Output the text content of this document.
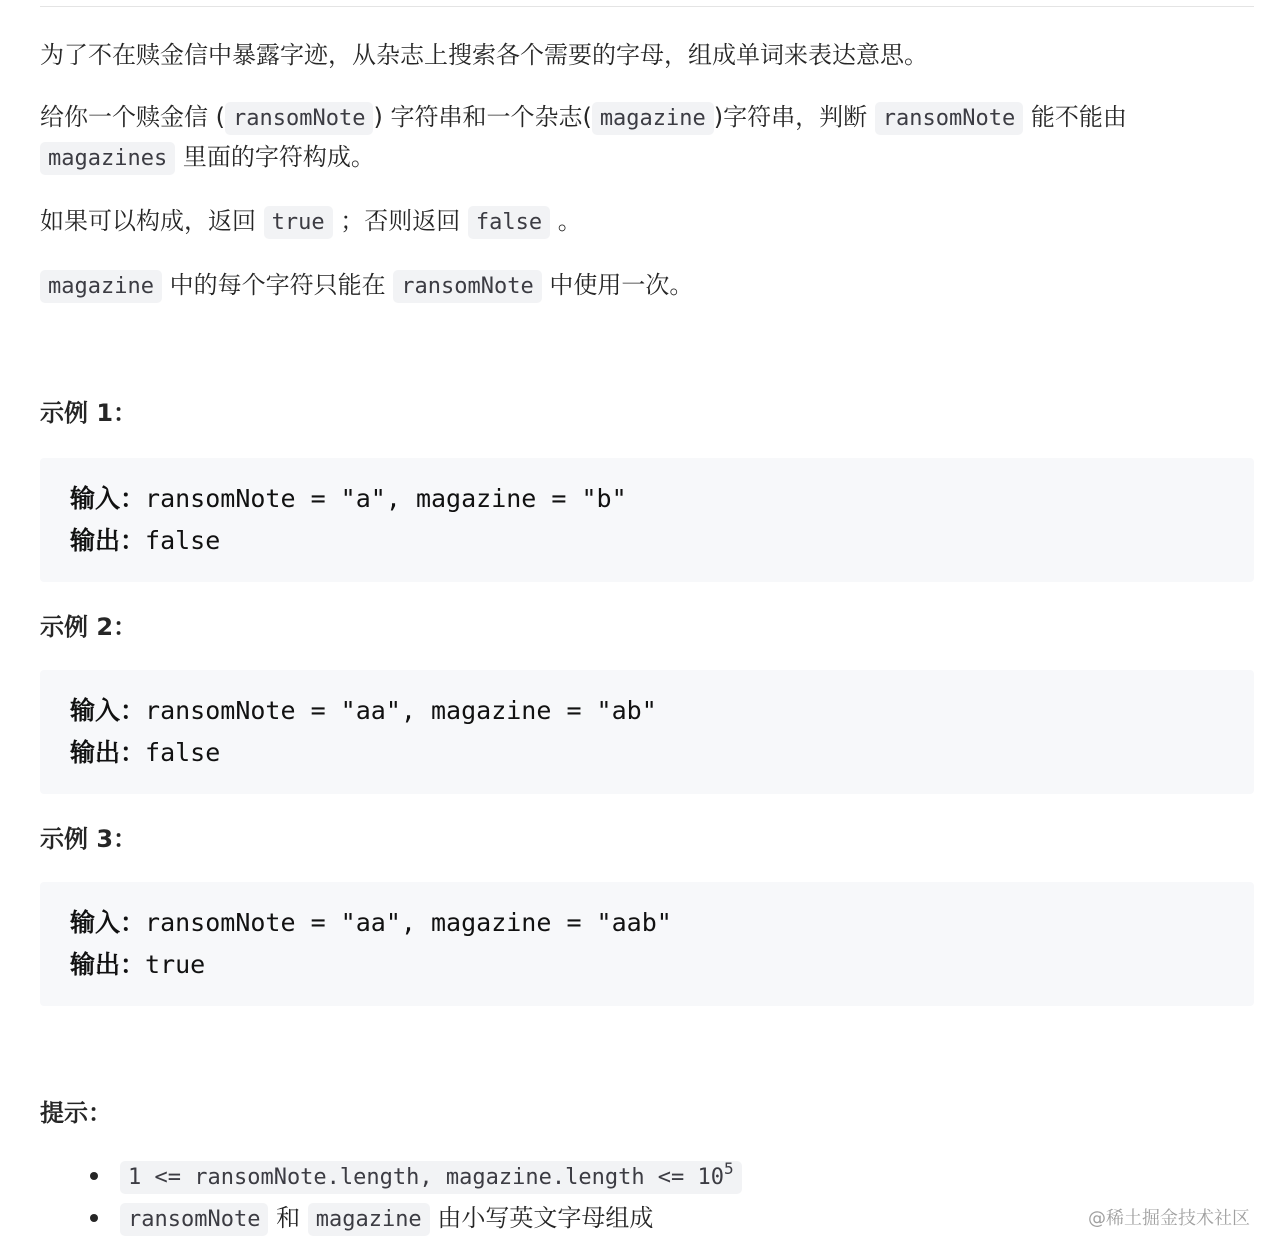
为了不在赎金信中暴露字迹，从杂志上搜索各个需要的字母，组成单词来表达意思。

给你一个赎金信 ( ransomNote ) 字符串和一个杂志( magazine )字符串，判断 ransomNote 能不能由 magazines 里面的字符构成。

如果可以构成，返回 true ；否则返回 false 。

magazine 中的每个字符只能在 ransomNote 中使用一次。

示例 1：

输入：ransomNote = "a", magazine = "b"
输出：false

示例 2：

输入：ransomNote = "aa", magazine = "ab"
输出：false

示例 3：

输入：ransomNote = "aa", magazine = "aab"
输出：true

提示：

1 <= ransomNote.length, magazine.length <= $10^5$
ransomNote 和 magazine 由小写英文字母组成	@稀土掘金技术社区
